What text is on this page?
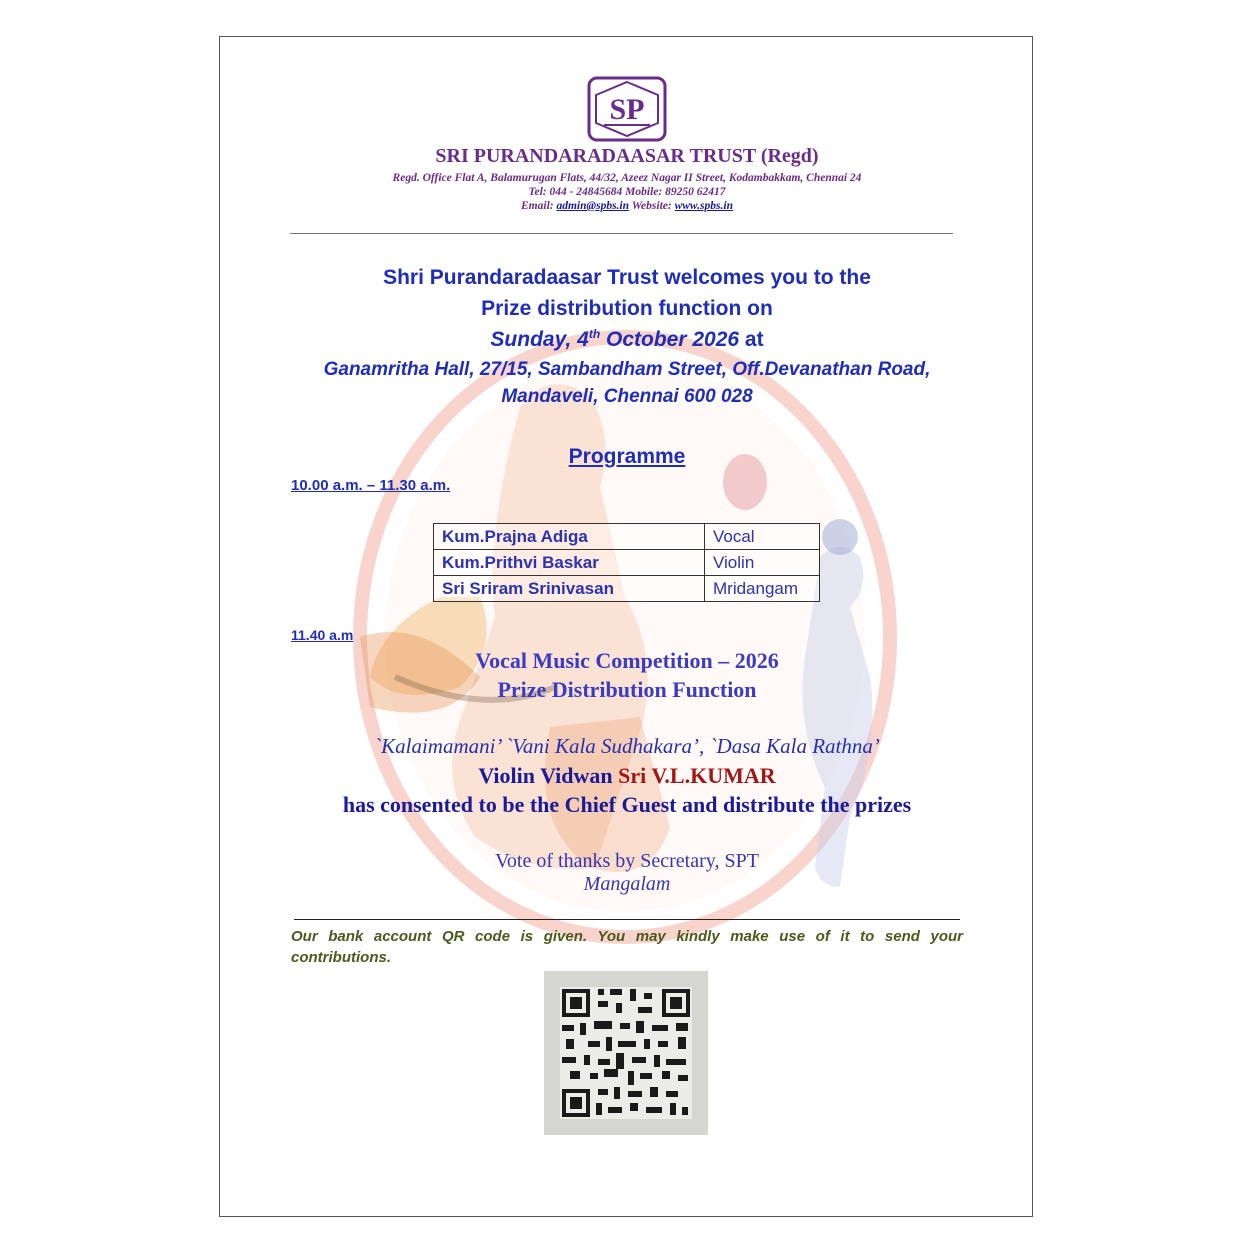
SP
SRI PURANDARADAASAR TRUST (Regd)
Regd. Office Flat A, Balamurugan Flats, 44/32, Azeez Nagar II Street, Kodambakkam, Chennai 24
Tel: 044 - 24845684 Mobile: 89250 62417
Email: admin@spbs.in Website: www.spbs.in
Shri Purandaradaasar Trust welcomes you to the
Prize distribution function on
Sunday, 4th October 2026 at
Ganamritha Hall, 27/15, Sambandham Street, Off.Devanathan Road,
Mandaveli, Chennai 600 028
Programme
10.00 a.m. – 11.30 a.m.
Kum.Prajna Adiga	Vocal
Kum.Prithvi Baskar	Violin
Sri Sriram Srinivasan	Mridangam
11.40 a.m
Vocal Music Competition – 2026
Prize Distribution Function
`Kalaimamani’ `Vani Kala Sudhakara’, `Dasa Kala Rathna’
Violin Vidwan Sri V.L.KUMAR
has consented to be the Chief Guest and distribute the prizes
Vote of thanks by Secretary, SPT
Mangalam
Our bank account QR code is given. You may kindly make use of it to send your contributions.
